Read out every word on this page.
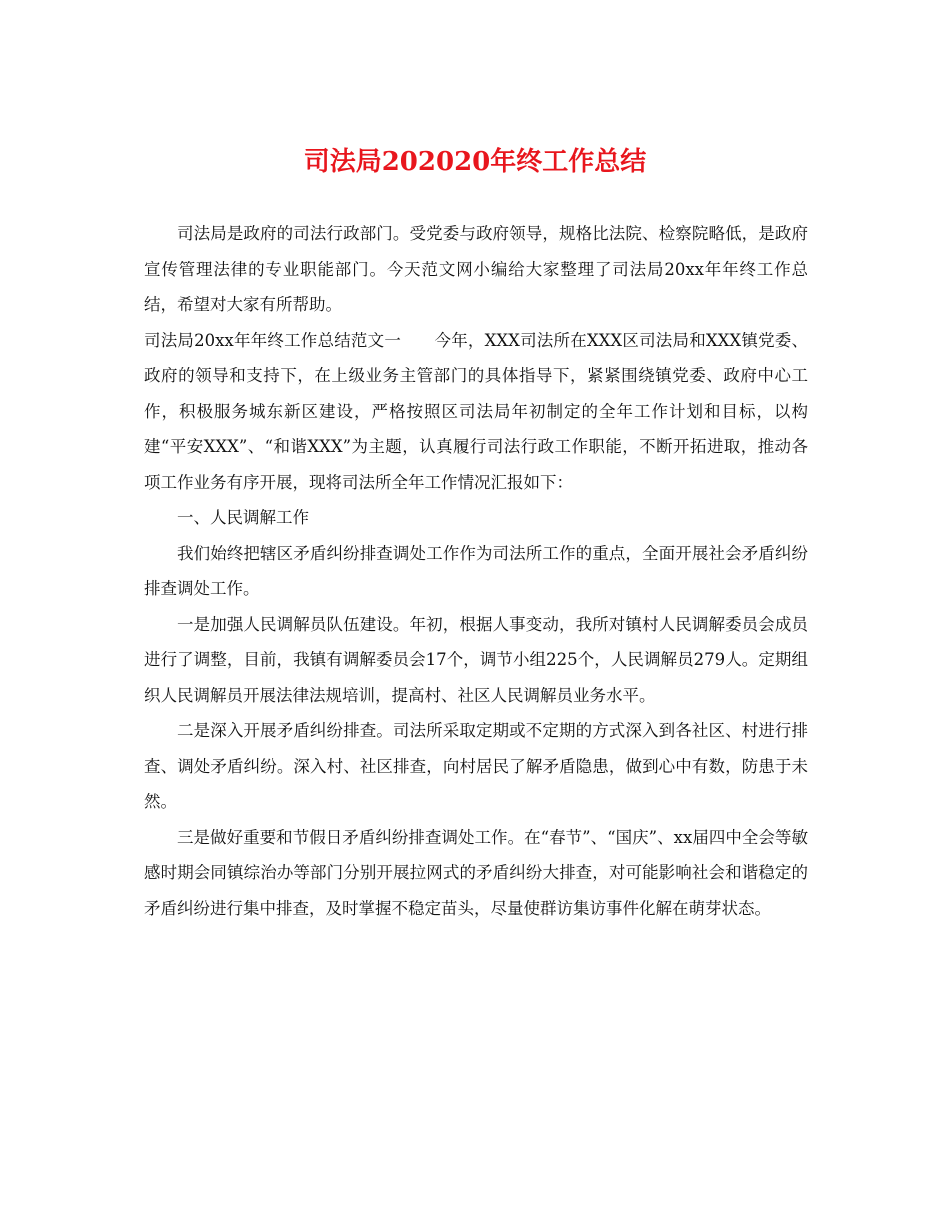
司法局202020年终工作总结

司法局是政府的司法行政部门。受党委与政府领导，规格比法院、检察院略低，是政府宣传管理法律的专业职能部门。今天范文网小编给大家整理了司法局20xx年年终工作总结，希望对大家有所帮助。

司法局20xx年年终工作总结范文一　　今年，XXX司法所在XXX区司法局和XXX镇党委、政府的领导和支持下，在上级业务主管部门的具体指导下，紧紧围绕镇党委、政府中心工作，积极服务城东新区建设，严格按照区司法局年初制定的全年工作计划和目标，以构建“平安XXX”、“和谐XXX”为主题，认真履行司法行政工作职能，不断开拓进取，推动各项工作业务有序开展，现将司法所全年工作情况汇报如下：

一、人民调解工作

我们始终把辖区矛盾纠纷排查调处工作作为司法所工作的重点，全面开展社会矛盾纠纷排查调处工作。

一是加强人民调解员队伍建设。年初，根据人事变动，我所对镇村人民调解委员会成员进行了调整，目前，我镇有调解委员会17个，调节小组225个，人民调解员279人。定期组织人民调解员开展法律法规培训，提高村、社区人民调解员业务水平。

二是深入开展矛盾纠纷排查。司法所采取定期或不定期的方式深入到各社区、村进行排查、调处矛盾纠纷。深入村、社区排查，向村居民了解矛盾隐患，做到心中有数，防患于未然。

三是做好重要和节假日矛盾纠纷排查调处工作。在“春节”、“国庆”、xx届四中全会等敏感时期会同镇综治办等部门分别开展拉网式的矛盾纠纷大排查，对可能影响社会和谐稳定的矛盾纠纷进行集中排查，及时掌握不稳定苗头，尽量使群访集访事件化解在萌芽状态。
